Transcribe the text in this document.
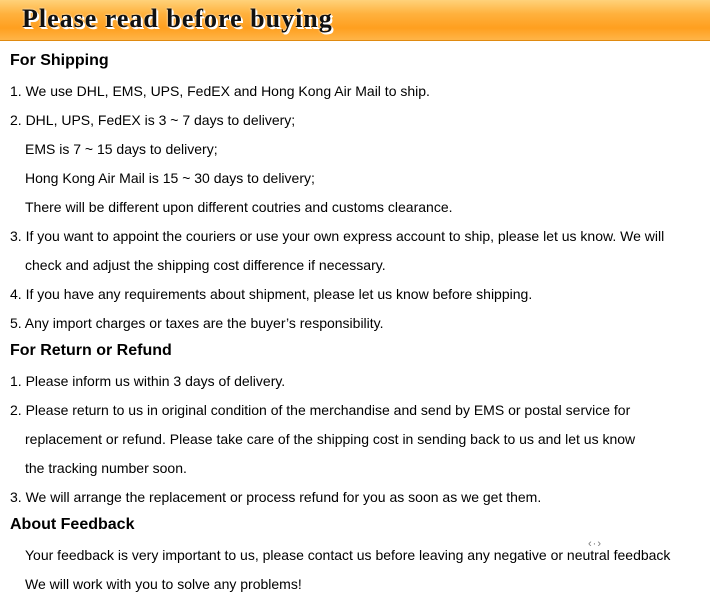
Please read before buying
For Shipping
1. We use DHL, EMS, UPS, FedEX and Hong Kong Air Mail to ship.
2. DHL, UPS, FedEX is 3 ~ 7 days to delivery;
EMS is 7 ~ 15 days to delivery;
Hong Kong Air Mail is 15 ~ 30 days to delivery;
There will be different upon different coutries and customs clearance.
3. If you want to appoint the couriers or use your own express account to ship, please let us know. We will
check and adjust the shipping cost difference if necessary.
4. If you have any requirements about shipment, please let us know before shipping.
5. Any import charges or taxes are the buyer’s responsibility.
For Return or Refund
1. Please inform us within 3 days of delivery.
2. Please return to us in original condition of the merchandise and send by EMS or postal service for
replacement or refund. Please take care of the shipping cost in sending back to us and let us know
the tracking number soon.
3. We will arrange the replacement or process refund for you as soon as we get them.
About Feedback
Your feedback is very important to us, please contact us before leaving any negative or neutral feedback
We will work with you to solve any problems!
‹·›
